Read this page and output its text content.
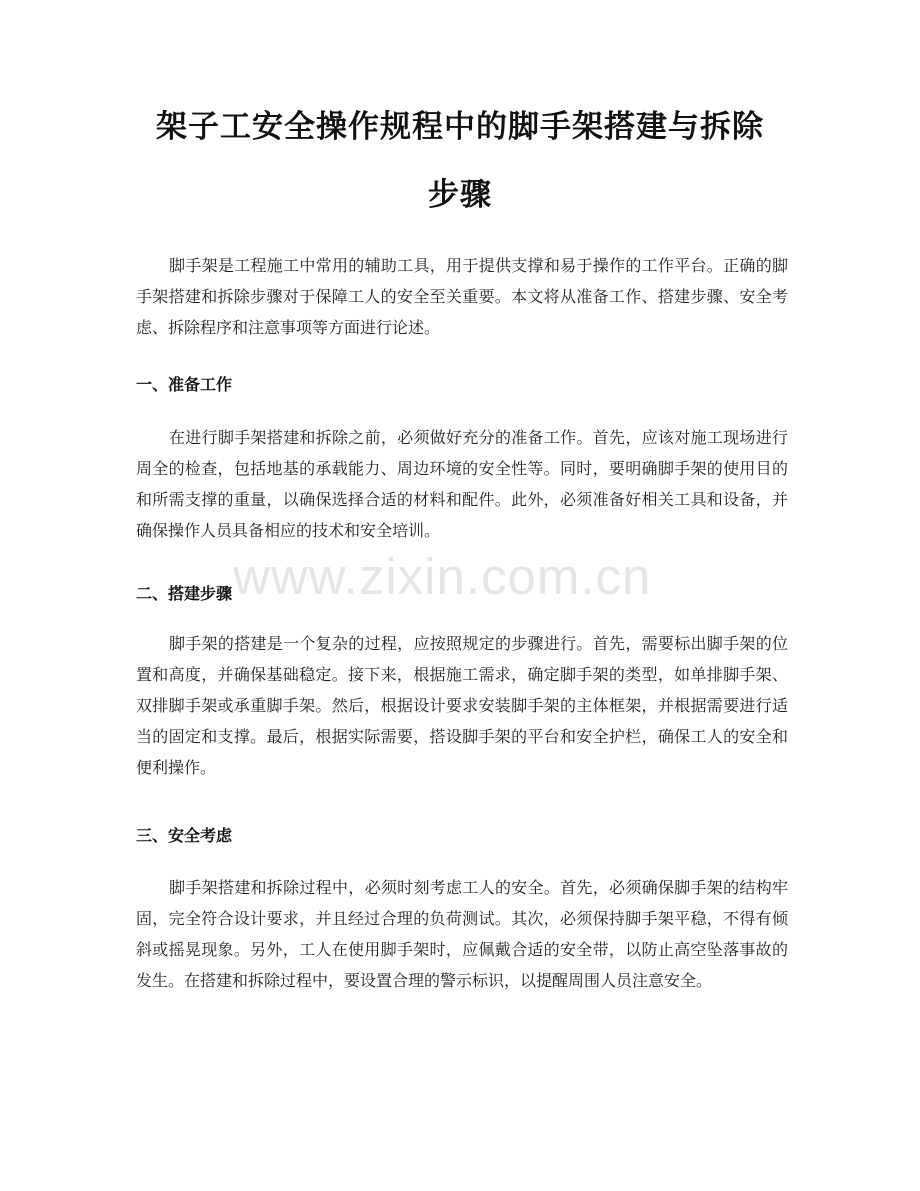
架子工安全操作规程中的脚手架搭建与拆除
步骤

脚手架是工程施工中常用的辅助工具，用于提供支撑和易于操作的工作平台。正确的脚手架搭建和拆除步骤对于保障工人的安全至关重要。本文将从准备工作、搭建步骤、安全考虑、拆除程序和注意事项等方面进行论述。

一、准备工作

在进行脚手架搭建和拆除之前，必须做好充分的准备工作。首先，应该对施工现场进行周全的检查，包括地基的承载能力、周边环境的安全性等。同时，要明确脚手架的使用目的和所需支撑的重量，以确保选择合适的材料和配件。此外，必须准备好相关工具和设备，并确保操作人员具备相应的技术和安全培训。

二、搭建步骤

脚手架的搭建是一个复杂的过程，应按照规定的步骤进行。首先，需要标出脚手架的位置和高度，并确保基础稳定。接下来，根据施工需求，确定脚手架的类型，如单排脚手架、双排脚手架或承重脚手架。然后，根据设计要求安装脚手架的主体框架，并根据需要进行适当的固定和支撑。最后，根据实际需要，搭设脚手架的平台和安全护栏，确保工人的安全和便利操作。

三、安全考虑

脚手架搭建和拆除过程中，必须时刻考虑工人的安全。首先，必须确保脚手架的结构牢固，完全符合设计要求，并且经过合理的负荷测试。其次，必须保持脚手架平稳，不得有倾斜或摇晃现象。另外，工人在使用脚手架时，应佩戴合适的安全带，以防止高空坠落事故的发生。在搭建和拆除过程中，要设置合理的警示标识，以提醒周围人员注意安全。

www.zixin.com.cn
